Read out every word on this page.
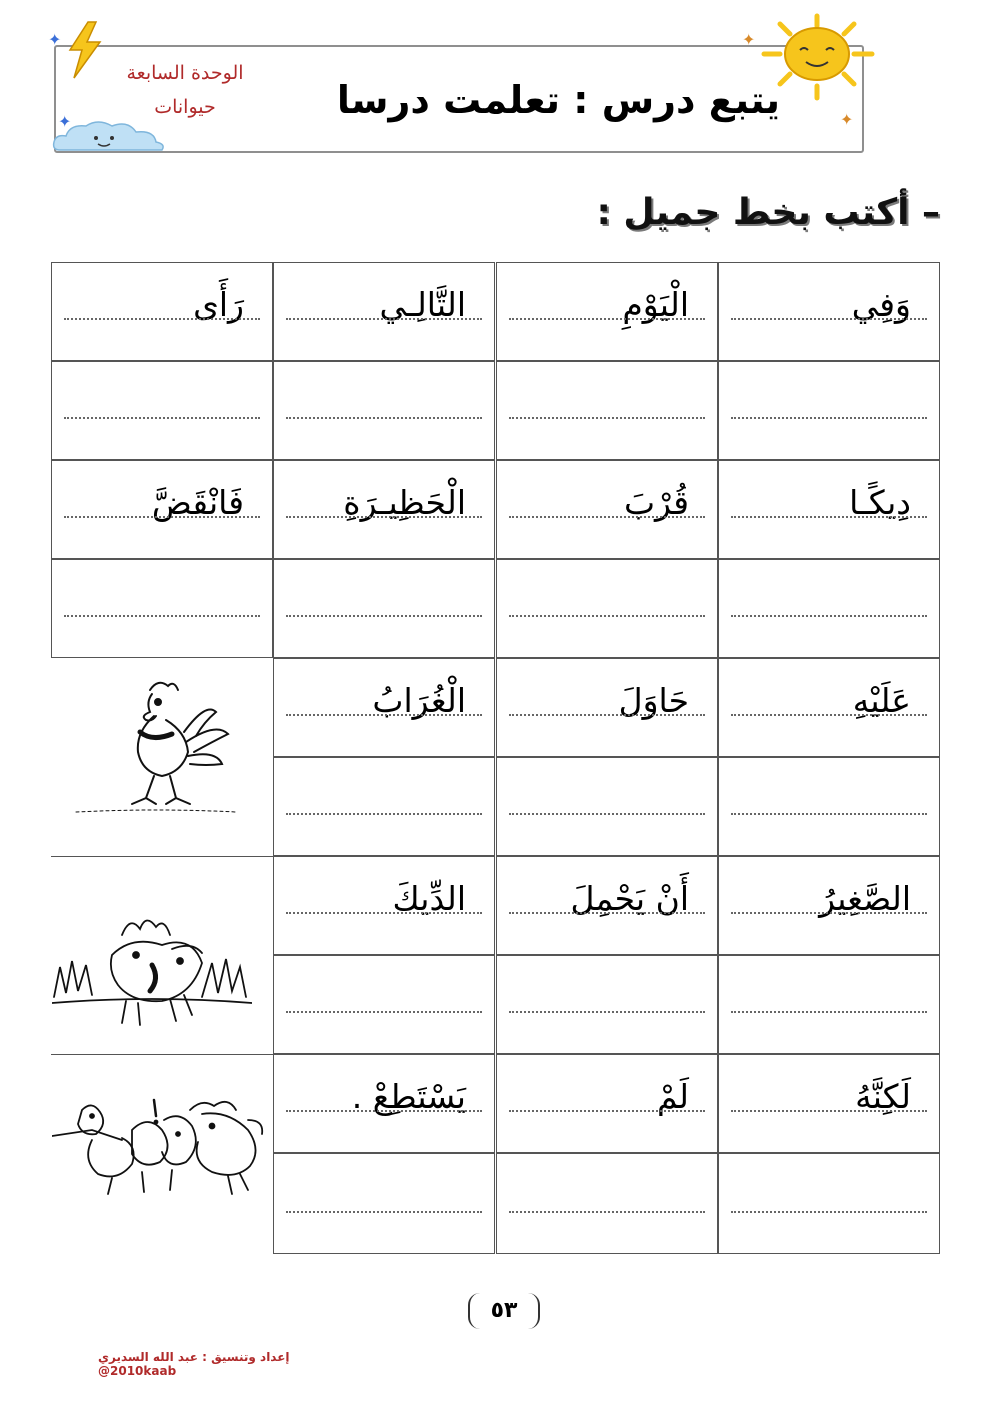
✦
✦
✦
✦
الوحدة السابعة
حيوانات	يتبع درس : تعلمت درسا
– أكتب بخط جميل :
وَفِي
الْيَوْمِ
التَّالِـي
رَأَى
دِيكًـا
قُرْبَ
الْحَظِيـرَةِ
فَانْقَضَّ
عَلَيْهِ
حَاوَلَ
الْغُرَابُ
الصَّغِيرُ
أَنْ يَحْمِلَ
الدِّيكَ
لَكِنَّهُ
لَمْ
يَسْتَطِعْ .
٥٣
إعداد وتنسيق : عبد الله السديري 2010kaab@
